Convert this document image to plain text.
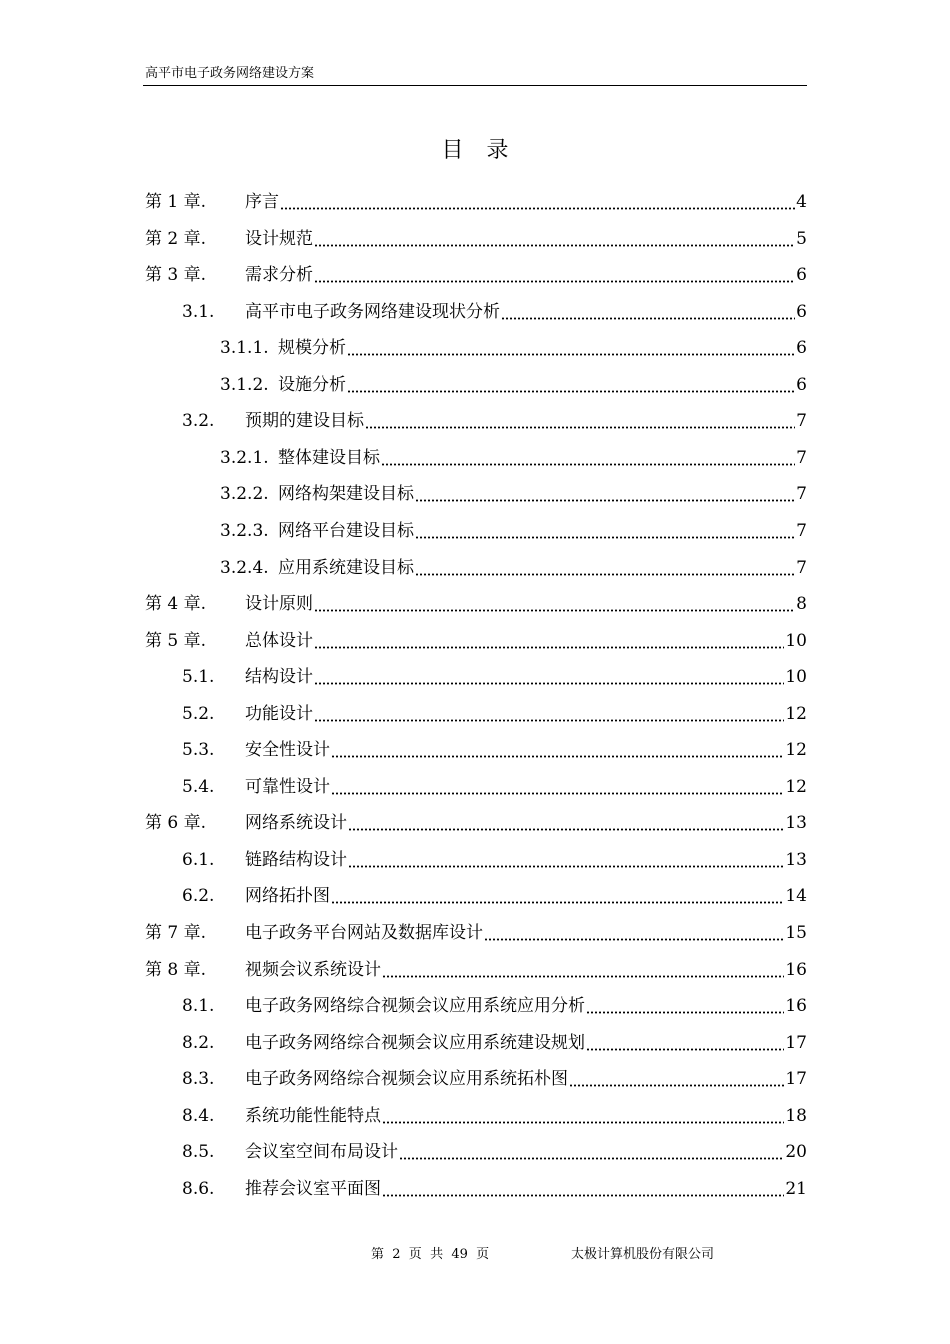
高平市电子政务网络建设方案
目 录
第 1 章.	序言	4
第 2 章.	设计规范	5
第 3 章.	需求分析	6
3.1.	高平市电子政务网络建设现状分析	6
3.1.1. 规模分析	6
3.1.2. 设施分析	6
3.2.	预期的建设目标	7
3.2.1. 整体建设目标	7
3.2.2. 网络构架建设目标	7
3.2.3. 网络平台建设目标	7
3.2.4. 应用系统建设目标	7
第 4 章.	设计原则	8
第 5 章.	总体设计	10
5.1.	结构设计	10
5.2.	功能设计	12
5.3.	安全性设计	12
5.4.	可靠性设计	12
第 6 章.	网络系统设计	13
6.1.	链路结构设计	13
6.2.	网络拓扑图	14
第 7 章.	电子政务平台网站及数据库设计	15
第 8 章.	视频会议系统设计	16
8.1.	电子政务网络综合视频会议应用系统应用分析	16
8.2.	电子政务网络综合视频会议应用系统建设规划	17
8.3.	电子政务网络综合视频会议应用系统拓朴图	17
8.4.	系统功能性能特点	18
8.5.	会议室空间布局设计	20
8.6.	推荐会议室平面图	21
第  2  页  共  49  页	太极计算机股份有限公司
